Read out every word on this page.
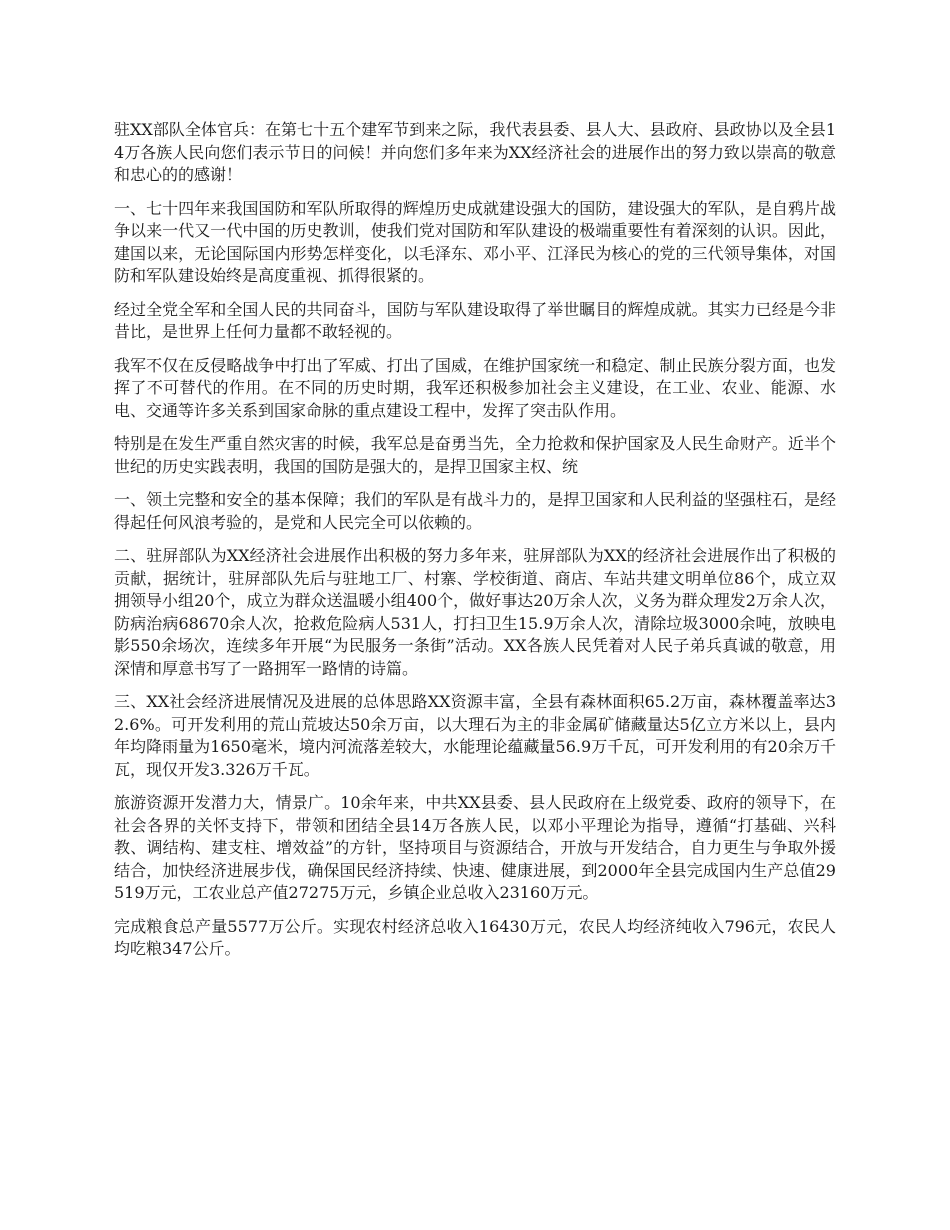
驻XX部队全体官兵：在第七十五个建军节到来之际，我代表县委、县人大、县政府、县政协以及全县14万各族人民向您们表示节日的问候！并向您们多年来为XX经济社会的进展作出的努力致以崇高的敬意和忠心的的感谢！

一、七十四年来我国国防和军队所取得的辉煌历史成就建设强大的国防，建设强大的军队，是自鸦片战争以来一代又一代中国的历史教训，使我们党对国防和军队建设的极端重要性有着深刻的认识。因此，建国以来，无论国际国内形势怎样变化，以毛泽东、邓小平、江泽民为核心的党的三代领导集体，对国防和军队建设始终是高度重视、抓得很紧的。

经过全党全军和全国人民的共同奋斗，国防与军队建设取得了举世瞩目的辉煌成就。其实力已经是今非昔比，是世界上任何力量都不敢轻视的。

我军不仅在反侵略战争中打出了军威、打出了国威，在维护国家统一和稳定、制止民族分裂方面，也发挥了不可替代的作用。在不同的历史时期，我军还积极参加社会主义建设，在工业、农业、能源、水电、交通等许多关系到国家命脉的重点建设工程中，发挥了突击队作用。

特别是在发生严重自然灾害的时候，我军总是奋勇当先，全力抢救和保护国家及人民生命财产。近半个世纪的历史实践表明，我国的国防是强大的，是捍卫国家主权、统

一、领土完整和安全的基本保障；我们的军队是有战斗力的，是捍卫国家和人民利益的坚强柱石，是经得起任何风浪考验的，是党和人民完全可以依赖的。

二、驻屏部队为XX经济社会进展作出积极的努力多年来，驻屏部队为XX的经济社会进展作出了积极的贡献，据统计，驻屏部队先后与驻地工厂、村寨、学校街道、商店、车站共建文明单位86个，成立双拥领导小组20个，成立为群众送温暖小组400个，做好事达20万余人次，义务为群众理发2万余人次，防病治病68670余人次，抢救危险病人531人，打扫卫生15.9万余人次，清除垃圾3000余吨，放映电影550余场次，连续多年开展“为民服务一条街”活动。XX各族人民凭着对人民子弟兵真诚的敬意，用深情和厚意书写了一路拥军一路情的诗篇。

三、XX社会经济进展情况及进展的总体思路XX资源丰富，全县有森林面积65.2万亩，森林覆盖率达32.6%。可开发利用的荒山荒坡达50余万亩，以大理石为主的非金属矿储藏量达5亿立方米以上，县内年均降雨量为1650毫米，境内河流落差较大，水能理论蕴藏量56.9万千瓦，可开发利用的有20余万千瓦，现仅开发3.326万千瓦。

旅游资源开发潜力大，情景广。10余年来，中共XX县委、县人民政府在上级党委、政府的领导下，在社会各界的关怀支持下，带领和团结全县14万各族人民，以邓小平理论为指导，遵循“打基础、兴科教、调结构、建支柱、增效益”的方针，坚持项目与资源结合，开放与开发结合，自力更生与争取外援结合，加快经济进展步伐，确保国民经济持续、快速、健康进展，到2000年全县完成国内生产总值29519万元，工农业总产值27275万元，乡镇企业总收入23160万元。

完成粮食总产量5577万公斤。实现农村经济总收入16430万元，农民人均经济纯收入796元，农民人均吃粮347公斤。
